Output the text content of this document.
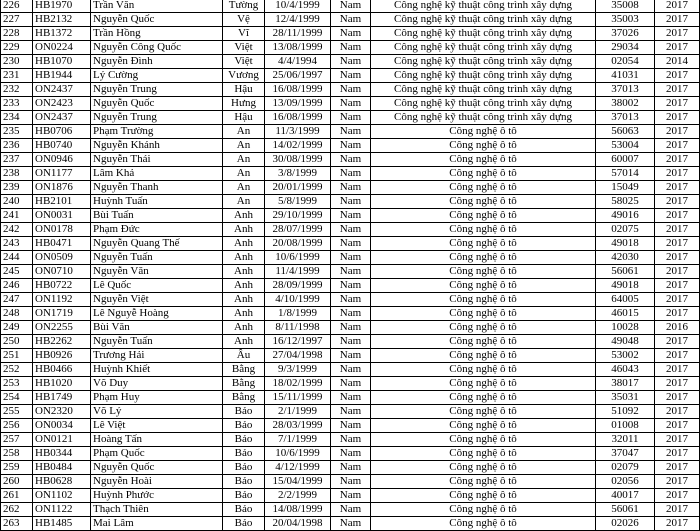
226	HB1970	Trần Văn	Tường	10/4/1999	Nam	Công nghệ kỹ thuật công trình xây dựng	35008	2017
227	HB2132	Nguyễn Quốc	Vệ	12/4/1999	Nam	Công nghệ kỹ thuật công trình xây dựng	35003	2017
228	HB1372	Trần Hồng	Vĩ	28/11/1999	Nam	Công nghệ kỹ thuật công trình xây dựng	37026	2017
229	ON0224	Nguyễn Công Quốc	Việt	13/08/1999	Nam	Công nghệ kỹ thuật công trình xây dựng	29034	2017
230	HB1070	Nguyễn Đình	Việt	4/4/1994	Nam	Công nghệ kỹ thuật công trình xây dựng	02054	2014
231	HB1944	Lý Cường	Vương	25/06/1997	Nam	Công nghệ kỹ thuật công trình xây dựng	41031	2017
232	ON2437	Nguyễn Trung	Hậu	16/08/1999	Nam	Công nghệ kỹ thuật công trình xây dựng	37013	2017
233	ON2423	Nguyễn Quốc	Hưng	13/09/1999	Nam	Công nghệ kỹ thuật công trình xây dựng	38002	2017
234	ON2437	Nguyễn Trung	Hậu	16/08/1999	Nam	Công nghệ kỹ thuật công trình xây dựng	37013	2017
235	HB0706	Phạm Trường	An	11/3/1999	Nam	Công nghệ ô tô	56063	2017
236	HB0740	Nguyễn Khánh	An	14/02/1999	Nam	Công nghệ ô tô	53004	2017
237	ON0946	Nguyễn Thái	An	30/08/1999	Nam	Công nghệ ô tô	60007	2017
238	ON1177	Lâm Khả	An	3/8/1999	Nam	Công nghệ ô tô	57014	2017
239	ON1876	Nguyễn Thanh	An	20/01/1999	Nam	Công nghệ ô tô	15049	2017
240	HB2101	Huỳnh Tuấn	An	5/8/1999	Nam	Công nghệ ô tô	58025	2017
241	ON0031	Bùi Tuấn	Anh	29/10/1999	Nam	Công nghệ ô tô	49016	2017
242	ON0178	Phạm Đức	Anh	28/07/1999	Nam	Công nghệ ô tô	02075	2017
243	HB0471	Nguyễn Quang Thế	Anh	20/08/1999	Nam	Công nghệ ô tô	49018	2017
244	ON0509	Nguyễn Tuấn	Anh	10/6/1999	Nam	Công nghệ ô tô	42030	2017
245	ON0710	Nguyễn Văn	Anh	11/4/1999	Nam	Công nghệ ô tô	56061	2017
246	HB0722	Lê Quốc	Anh	28/09/1999	Nam	Công nghệ ô tô	49018	2017
247	ON1192	Nguyễn Việt	Anh	4/10/1999	Nam	Công nghệ ô tô	64005	2017
248	ON1719	Lê Nguyễ Hoàng	Anh	1/8/1999	Nam	Công nghệ ô tô	46015	2017
249	ON2255	Bùi Văn	Anh	8/11/1998	Nam	Công nghệ ô tô	10028	2016
250	HB2262	Nguyễn Tuấn	Anh	16/12/1997	Nam	Công nghệ ô tô	49048	2017
251	HB0926	Trương Hải	Âu	27/04/1998	Nam	Công nghệ ô tô	53002	2017
252	HB0466	Huỳnh Khiết	Bằng	9/3/1999	Nam	Công nghệ ô tô	46043	2017
253	HB1020	Võ Duy	Bằng	18/02/1999	Nam	Công nghệ ô tô	38017	2017
254	HB1749	Phạm Huy	Bằng	15/11/1999	Nam	Công nghệ ô tô	35031	2017
255	ON2320	Võ Lý	Bảo	2/1/1999	Nam	Công nghệ ô tô	51092	2017
256	ON0034	Lê Việt	Bảo	28/03/1999	Nam	Công nghệ ô tô	01008	2017
257	ON0121	Hoàng Tấn	Bảo	7/1/1999	Nam	Công nghệ ô tô	32011	2017
258	HB0344	Phạm Quốc	Bảo	10/6/1999	Nam	Công nghệ ô tô	37047	2017
259	HB0484	Nguyễn Quốc	Bảo	4/12/1999	Nam	Công nghệ ô tô	02079	2017
260	HB0628	Nguyễn Hoài	Bảo	15/04/1999	Nam	Công nghệ ô tô	02056	2017
261	ON1102	Huỳnh Phước	Bảo	2/2/1999	Nam	Công nghệ ô tô	40017	2017
262	ON1122	Thạch Thiên	Bảo	14/08/1999	Nam	Công nghệ ô tô	56061	2017
263	HB1485	Mai Lâm	Bảo	20/04/1998	Nam	Công nghệ ô tô	02026	2017
